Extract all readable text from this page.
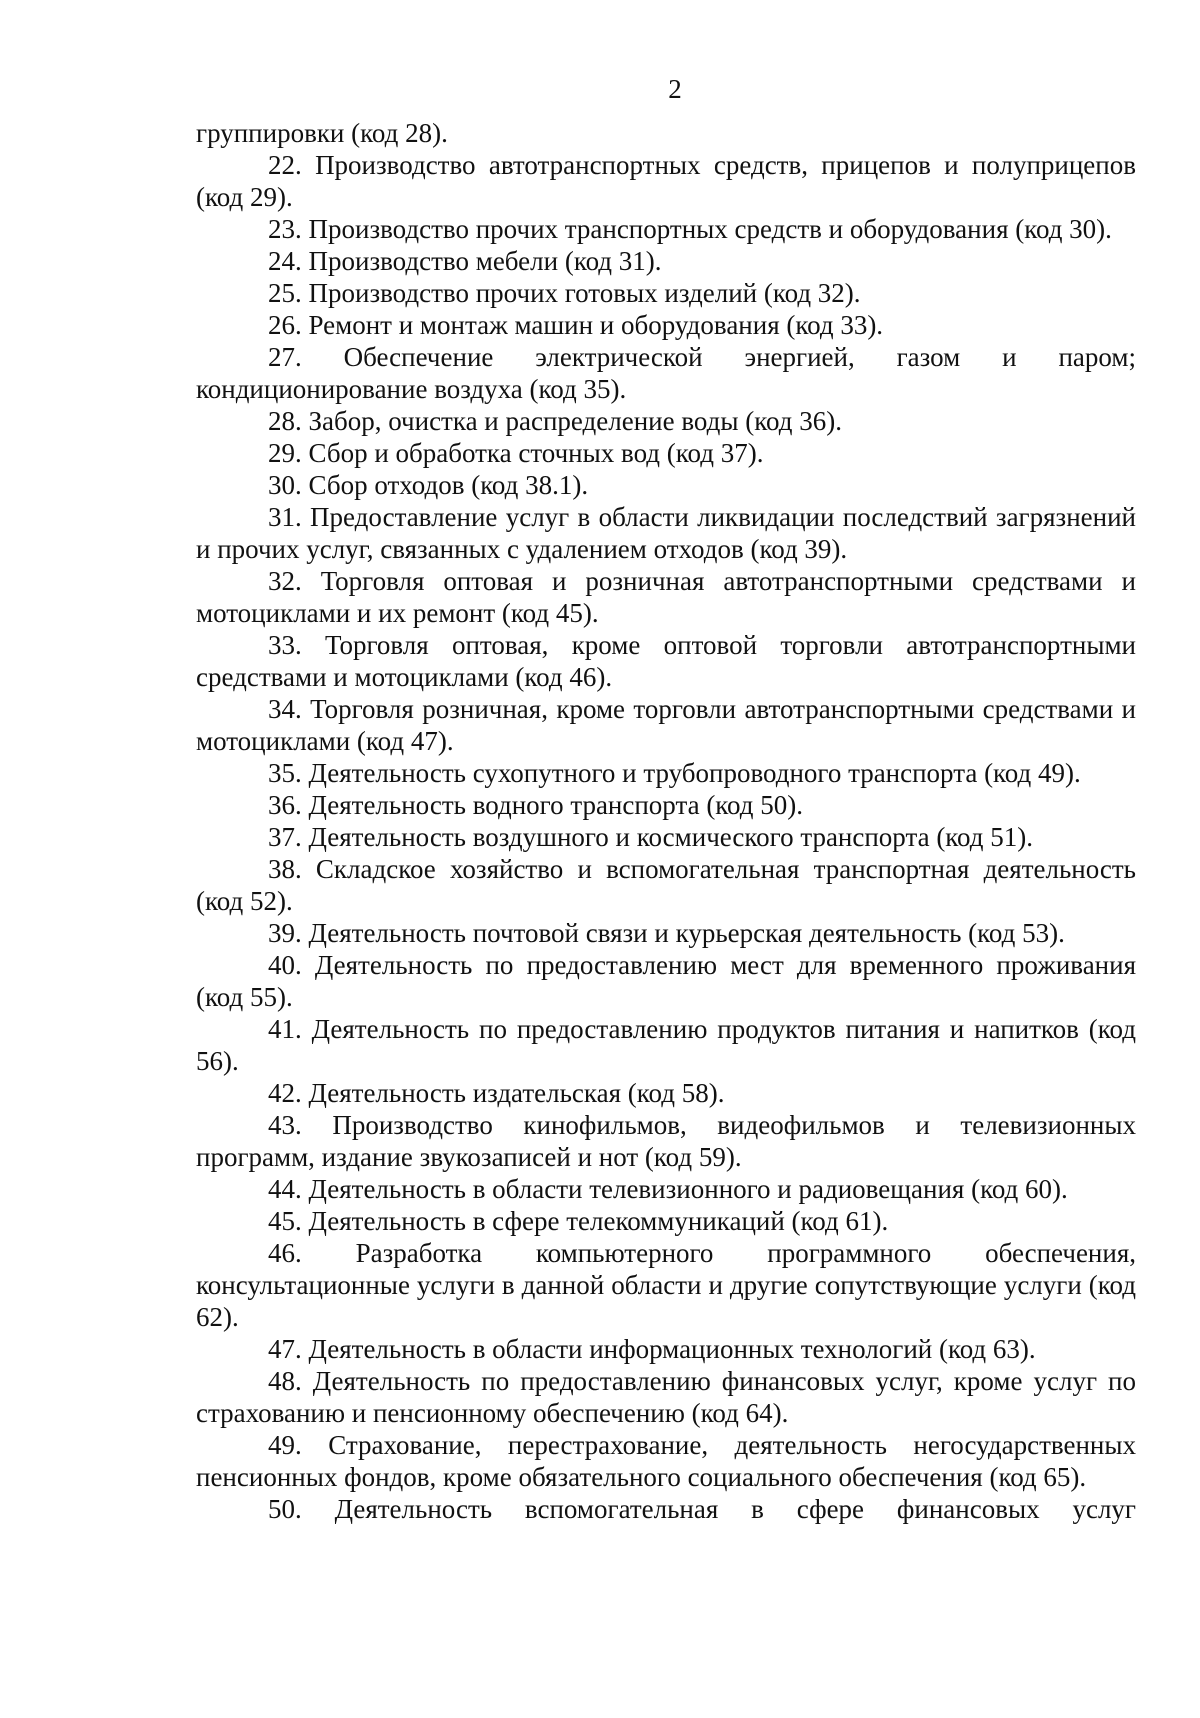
2

группировки (код 28).

22. Производство автотранспортных средств, прицепов и полуприцепов (код 29).

23. Производство прочих транспортных средств и оборудования (код 30).

24. Производство мебели (код 31).

25. Производство прочих готовых изделий (код 32).

26. Ремонт и монтаж машин и оборудования (код 33).

27. Обеспечение электрической энергией, газом и паром; кондиционирование воздуха (код 35).

28. Забор, очистка и распределение воды (код 36).

29. Сбор и обработка сточных вод (код 37).

30. Сбор отходов (код 38.1).

31. Предоставление услуг в области ликвидации последствий загрязнений и прочих услуг, связанных с удалением отходов (код 39).

32. Торговля оптовая и розничная автотранспортными средствами и мотоциклами и их ремонт (код 45).

33. Торговля оптовая, кроме оптовой торговли автотранспортными средствами и мотоциклами (код 46).

34. Торговля розничная, кроме торговли автотранспортными средствами и мотоциклами (код 47).

35. Деятельность сухопутного и трубопроводного транспорта (код 49).

36. Деятельность водного транспорта (код 50).

37. Деятельность воздушного и космического транспорта (код 51).

38. Складское хозяйство и вспомогательная транспортная деятельность (код 52).

39. Деятельность почтовой связи и курьерская деятельность (код 53).

40. Деятельность по предоставлению мест для временного проживания (код 55).

41. Деятельность по предоставлению продуктов питания и напитков (код 56).

42. Деятельность издательская (код 58).

43. Производство кинофильмов, видеофильмов и телевизионных программ, издание звукозаписей и нот (код 59).

44. Деятельность в области телевизионного и радиовещания (код 60).

45. Деятельность в сфере телекоммуникаций (код 61).

46. Разработка компьютерного программного обеспечения, консультационные услуги в данной области и другие сопутствующие услуги (код 62).

47. Деятельность в области информационных технологий (код 63).

48. Деятельность по предоставлению финансовых услуг, кроме услуг по страхованию и пенсионному обеспечению (код 64).

49. Страхование, перестрахование, деятельность негосударственных пенсионных фондов, кроме обязательного социального обеспечения (код 65).

50. Деятельность вспомогательная в сфере финансовых услуг
